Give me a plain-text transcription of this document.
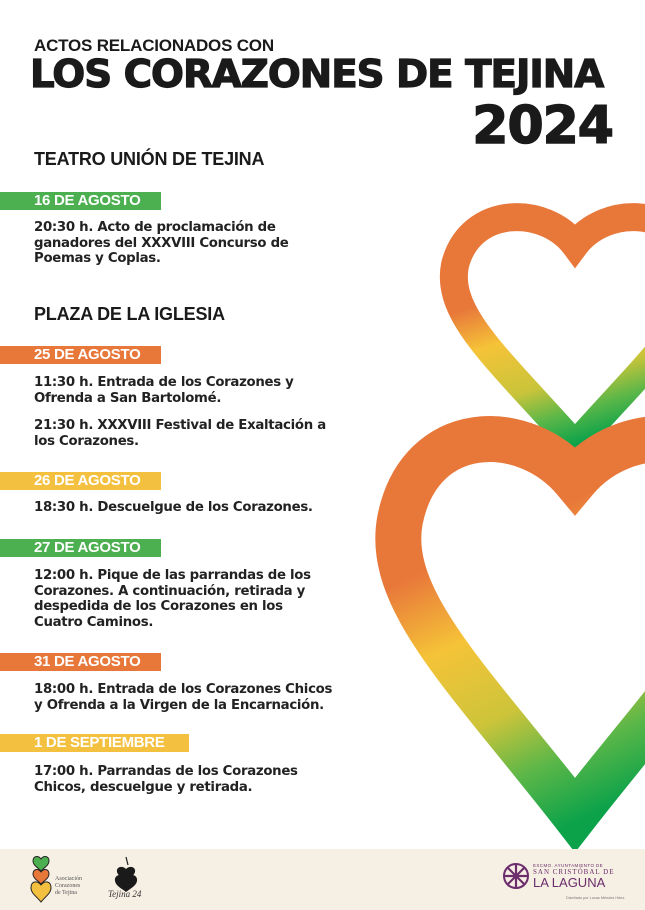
ACTOS RELACIONADOS CON
LOS CORAZONES DE TEJINA
2024
TEATRO UNIÓN DE TEJINA
16 DE AGOSTO
20:30 h. Acto de proclamación de ganadores del XXXVIII Concurso de Poemas y Coplas.
PLAZA DE LA IGLESIA
25 DE AGOSTO
11:30 h. Entrada de los Corazones y Ofrenda a San Bartolomé.
21:30 h. XXXVIII Festival de Exaltación a los Corazones.
26 DE AGOSTO
18:30 h. Descuelgue de los Corazones.
27 DE AGOSTO
12:00 h. Pique de las parrandas de los Corazones. A continuación, retirada y despedida de los Corazones en los Cuatro Caminos.
31 DE AGOSTO
18:00 h. Entrada de los Corazones Chicos y Ofrenda a la Virgen de la Encarnación.
1 DE SEPTIEMBRE
17:00 h. Parrandas de los Corazones Chicos, descuelgue y retirada.
Asociación
Corazones
de Tejina	Tejina 24
EXCMO. AYUNTAMIENTO DE
SAN CRISTÓBAL DE
LA LAGUNA
Diseñado por Lucas Méndez Hdez.
